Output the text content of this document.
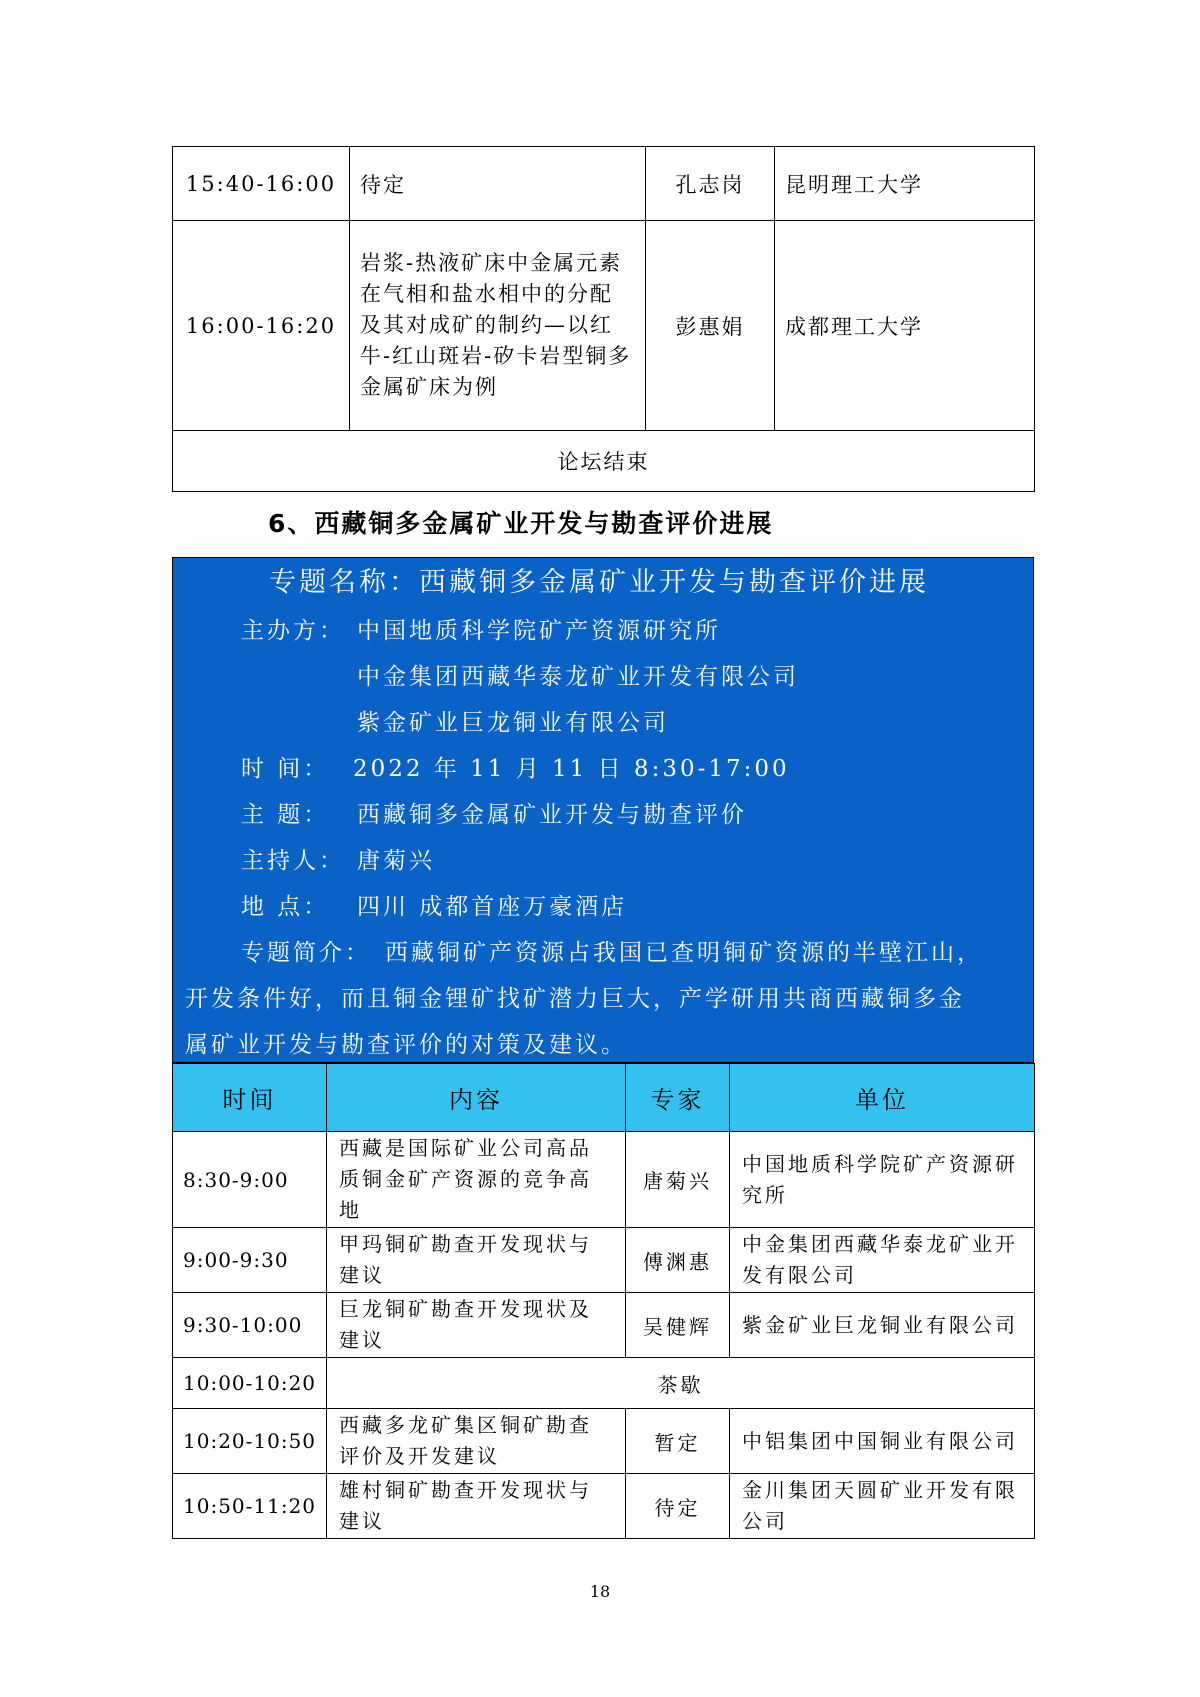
15:40-16:00	待定	孔志岗	昆明理工大学
16:00-16:20	岩浆-热液矿床中金属元素在气相和盐水相中的分配及其对成矿的制约—以红牛-红山斑岩-矽卡岩型铜多金属矿床为例	彭惠娟	成都理工大学
论坛结束			
6、西藏铜多金属矿业开发与勘查评价进展
专题名称：西藏铜多金属矿业开发与勘查评价进展
主办方： 中国地质科学院矿产资源研究所
中金集团西藏华泰龙矿业开发有限公司
紫金矿业巨龙铜业有限公司
时 间： 2022 年 11 月 11 日 8:30-17:00
主 题： 西藏铜多金属矿业开发与勘查评价
主持人： 唐菊兴
地 点： 四川 成都首座万豪酒店
专题简介： 西藏铜矿产资源占我国已查明铜矿资源的半壁江山，
开发条件好，而且铜金锂矿找矿潜力巨大，产学研用共商西藏铜多金
属矿业开发与勘查评价的对策及建议。
时间	内容	专家	单位
8:30-9:00	西藏是国际矿业公司高品质铜金矿产资源的竞争高地	唐菊兴	中国地质科学院矿产资源研究所
9:00-9:30	甲玛铜矿勘查开发现状与建议	傅渊惠	中金集团西藏华泰龙矿业开发有限公司
9:30-10:00	巨龙铜矿勘查开发现状及建议	吴健辉	紫金矿业巨龙铜业有限公司
10:00-10:20	茶歇		
10:20-10:50	西藏多龙矿集区铜矿勘查评价及开发建议	暂定	中铝集团中国铜业有限公司
10:50-11:20	雄村铜矿勘查开发现状与建议	待定	金川集团天圆矿业开发有限公司
18
